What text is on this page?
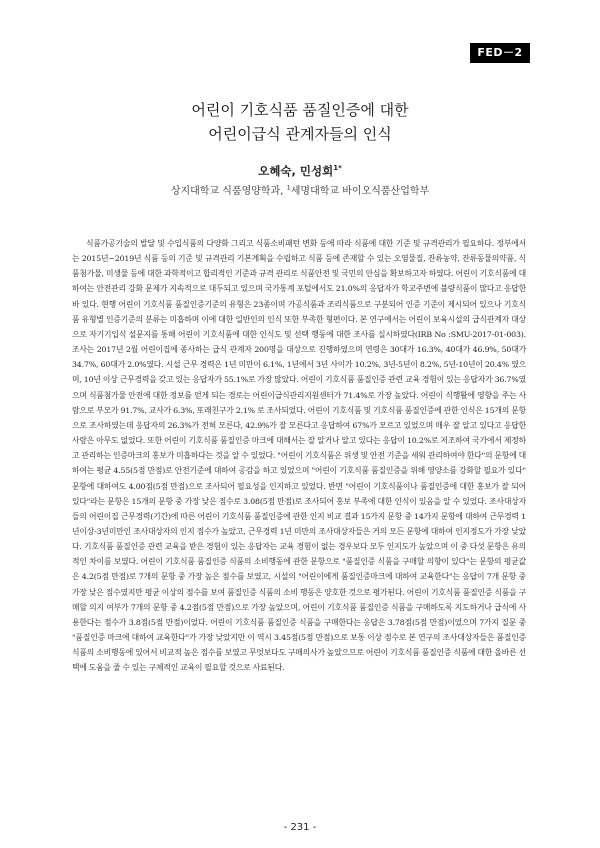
FED－2
어린이 기호식품 품질인증에 대한
어린이급식 관계자들의 인식
오혜숙, 민성희$^{1*}$
상지대학교 식품영양학과, $^1$세명대학교 바이오식품산업학부
식품가공기술의 발달 및 수입식품의 다양화 그리고 식품소비패턴 변화 등에 따라 식품에 대한 기준 및 규격관리가 필요하다. 정부에서는 2015년~2019년 식품 등의 기준 및 규격관리 기본계획을 수립하고 식품 등에 존재할 수 있는 오염물질, 잔류농약, 잔류동물의약품, 식품첨가물, 미생물 등에 대한 과학적이고 합리적인 기준과 규격 관리로 식품안전 및 국민의 안심을 확보하고자 하였다. 어린이 기호식품에 대하여는 안전관리 강화 문제가 지속적으로 대두되고 있으며 국가통계 포털에서도 21.0%의 응답자가 학교주변에 불량식품이 많다고 응답한 바 있다. 현행 어린이 기호식품 품질인증기준의 유형은 23종이며 가공식품과 조리식품으로 구분되어 인증 기준이 제시되어 있으나 기호식품 유형별 인증기준의 분류는 미흡하며 이에 대한 일반인의 인식 또한 부족한 형편이다. 본 연구에서는 어린이 보육시설의 급식관계자 대상으로 자기기입식 설문지를 통해 어린이 기호식품에 대한 인식도 및 선택 행동에 대한 조사를 실시하였다(IRB No :SMU-2017-01-003). 조사는 2017년 2월 어린이집에 종사하는 급식 관계자 200명을 대상으로 진행하였으며 연령은 30대가 16.3%, 40대가 46.9%, 50대가 34.7%, 60대가 2.0%였다. 시설 근무 경력은 1년 미만이 6.1%, 1년에서 3년 사이가 10.2%, 3년-5년이 8.2%, 5년-10년이 20.4% 였으며, 10년 이상 근무경력을 갖고 있는 응답자가 55.1%로 가장 많았다. 어린이 기호식품 품질인증 관련 교육 경험이 있는 응답자가 36.7%였으며 식품첨가물 안전에 대한 정보를 얻게 되는 경로는 어린이급식관리지원센터가 71.4%로 가장 높았다. 어린이 식행활에 영향을 주는 사람으로 부모가 91.7%, 교사가 6.3%, 또래친구가 2.1% 로 조사되었다. 어린이 기호식품 및 기호식품 품질인증에 관한 인식은 15개의 문항으로 조사하였는데 응답자의 26.3%가 전혀 모른다, 42.9%가 잘 모른다고 응답하여 67%가 모르고 있었으며 매우 잘 알고 있다고 응답한 사람은 아무도 없었다. 또한 어린이 기호식품 품질인증 마크에 대해서는 잘 알거나 알고 있다는 응답이 10.2%로 저조하여 국가에서 제정하고 관리하는 인증마크의 홍보가 미흡하다는 것을 알 수 있었다. "어린이 기호식품은 위생 및 안전 기준을 세워 관리하여야 한다"의 문항에 대하여는 평균 4.55(5점 만점)로 안전기준에 대하여 공감을 하고 있었으며 "어린이 기호식품 품질인증을 위해 영양소를 강화할 필요가 있다" 문항에 대하여도 4.00점(5점 만점)으로 조사되어 필요성을 인지하고 있었다. 반면 "어린이 기호식품이나 품질인증에 대한 홍보가 잘 되어 있다"라는 문항은 15개의 문항 중 가장 낮은 점수로 3.08(5점 만점)로 조사되어 홍보 부족에 대한 인식이 있음을 알 수 있었다. 조사대상자들의 어린이집 근무경력(기간)에 따른 어린이 기호식품 품질인증에 관한 인지 비교 결과 15가지 문항 중 14가지 문항에 대하여 근무경력 1년이상-3년미만인 조사대상자의 인지 점수가 높았고, 근무경력 1년 미만의 조사대상자들은 거의 모든 문항에 대하여 인지정도가 가장 낮았다. 기호식품 품질인증 관련 교육을 받은 경험이 있는 응답자는 교육 경험이 없는 경우보다 모두 인지도가 높았으며 이 중 다섯 문항은 유의적인 차이를 보였다. 어린이 기호식품 품질인증 식품의 소비행동에 관한 문항으로 "품질인증 식품을 구매할 의향이 있다"는 문항의 평균값은 4.2(5점 만점)로 7개의 문항 중 가장 높은 점수를 보였고, 시설의 "어린이에게 품질인증마크에 대하여 교육한다"는 응답이 7개 문항 중 가장 낮은 점수였지만 평균 이상의 점수를 보여 품질인증 식품의 소비 행동은 양호한 것으로 평가된다. 어린이 기호식품 품질인증 식품을 구매할 의지 여부가 7개의 문항 중 4.2점(5점 만점)으로 가장 높았으며, 어린이 기호식품 품질인증 식품을 구매하도록 지도하거나 급식에 사용한다는 점수가 3.8점(5점 만점)이었다. 어린이 기호식품 품질인증 식품을 구매한다는 응답은 3.78점(5점 만점)이었으며 7가지 질문 중 "품질인증 마크에 대하여 교육한다"가 가장 낮았지만 이 역시 3.45점(5점 만점)으로 보통 이상 점수로 본 연구의 조사대상자들은 품질인증 식품의 소비행동에 있어서 비교적 높은 점수를 보였고 무엇보다도 구매의사가 높았으므로 어린이 기호식품 품질인증 식품에 대한 올바른 선택에 도움을 줄 수 있는 구체적인 교육이 필요할 것으로 사료된다.
- 231 -
